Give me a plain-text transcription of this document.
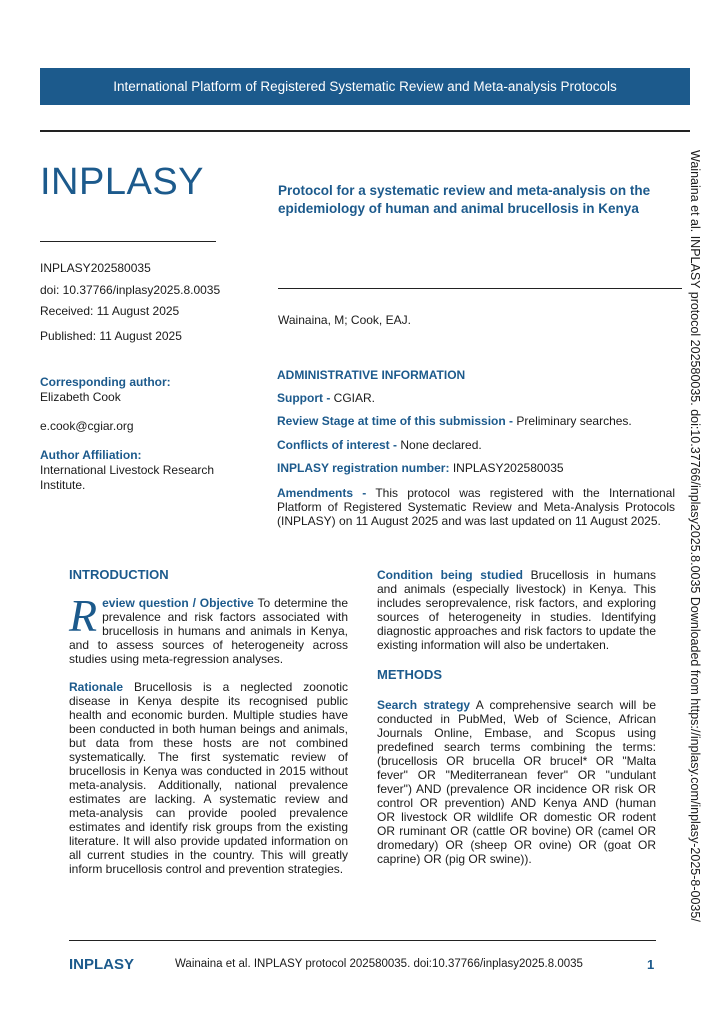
International Platform of Registered Systematic Review and Meta-analysis Protocols
INPLASY
INPLASY202580035
doi: 10.37766/inplasy2025.8.0035
Received: 11 August 2025
Published: 11 August 2025
Protocol for a systematic review and meta-analysis on the epidemiology of human and animal brucellosis in Kenya
Wainaina, M; Cook, EAJ.
Corresponding author:
Elizabeth Cook
e.cook@cgiar.org
Author Affiliation:
International Livestock Research Institute.
ADMINISTRATIVE INFORMATION
Review Stage at time of this submission - Preliminary searches.
Support - CGIAR.
Conflicts of interest - None declared.
INPLASY registration number: INPLASY202580035
Amendments - This protocol was registered with the International Platform of Registered Systematic Review and Meta-Analysis Protocols (INPLASY) on 11 August 2025 and was last updated on 11 August 2025.
INTRODUCTION

Review question / Objective To determine the prevalence and risk factors associated with brucellosis in humans and animals in Kenya, and to assess sources of heterogeneity across studies using meta-regression analyses.

Rationale Brucellosis is a neglected zoonotic disease in Kenya despite its recognised public health and economic burden. Multiple studies have been conducted in both human beings and animals, but data from these hosts are not combined systematically. The first systematic review of brucellosis in Kenya was conducted in 2015 without meta-analysis. Additionally, national prevalence estimates are lacking. A systematic review and meta-analysis can provide pooled prevalence estimates and identify risk groups from the existing literature. It will also provide updated information on all current studies in the country. This will greatly inform brucellosis control and prevention strategies.

Condition being studied Brucellosis in humans and animals (especially livestock) in Kenya. This includes seroprevalence, risk factors, and exploring sources of heterogeneity in studies. Identifying diagnostic approaches and risk factors to update the existing information will also be undertaken.

METHODS

Search strategy A comprehensive search will be conducted in PubMed, Web of Science, African Journals Online, Embase, and Scopus using predefined search terms combining the terms: (brucellosis OR brucella OR brucel* OR "Malta fever" OR "Mediterranean fever" OR "undulant fever") AND (prevalence OR incidence OR risk OR control OR prevention) AND Kenya AND (human OR livestock OR wildlife OR domestic OR rodent OR ruminant OR (cattle OR bovine) OR (camel OR dromedary) OR (sheep OR ovine) OR (goat OR caprine) OR (pig OR swine)).	Wainaina et al. INPLASY protocol 202580035. doi:10.37766/inplasy2025.8.0035 Downloaded from https://inplasy.com/inplasy-2025-8-0035/
INPLASY	Wainaina et al. INPLASY protocol 202580035. doi:10.37766/inplasy2025.8.0035	1
